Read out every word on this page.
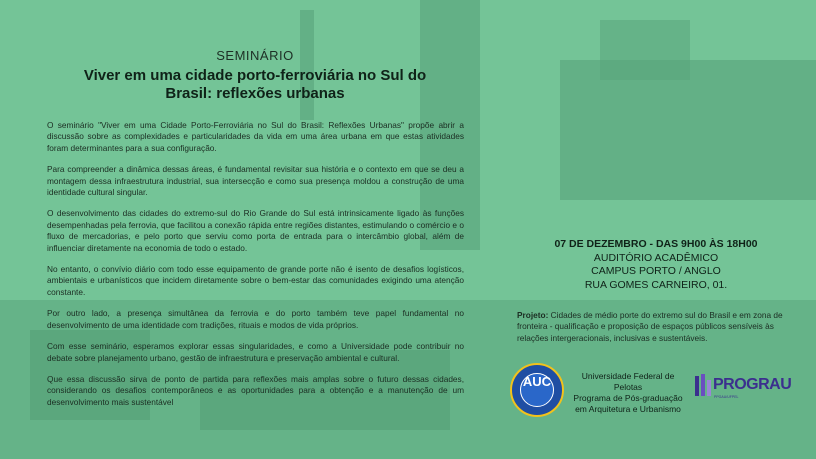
SEMINÁRIO
Viver em uma cidade porto-ferroviária no Sul do Brasil: reflexões urbanas

O seminário "Viver em uma Cidade Porto-Ferroviária no Sul do Brasil: Reflexões Urbanas" propõe abrir a discussão sobre as complexidades e particularidades da vida em uma área urbana em que estas atividades foram determinantes para a sua configuração.

Para compreender a dinâmica dessas áreas, é fundamental revisitar sua história e o contexto em que se deu a montagem dessa infraestrutura industrial, sua intersecção e como sua presença moldou a construção de uma identidade cultural singular.

O desenvolvimento das cidades do extremo-sul do Rio Grande do Sul está intrinsicamente ligado às funções desempenhadas pela ferrovia, que facilitou a conexão rápida entre regiões distantes, estimulando o comércio e o fluxo de mercadorias, e pelo porto que serviu como porta de entrada para o intercâmbio global, além de influenciar diretamente na economia de todo o estado.

No entanto, o convívio diário com todo esse equipamento de grande porte não é isento de desafios logísticos, ambientais e urbanísticos que incidem diretamente sobre o bem-estar das comunidades exigindo uma atenção constante.

Por outro lado, a presença simultânea da ferrovia e do porto também teve papel fundamental no desenvolvimento de uma identidade com tradições, rituais e modos de vida próprios.

Com esse seminário, esperamos explorar essas singularidades, e como a Universidade pode contribuir no debate sobre planejamento urbano, gestão de infraestrutura e preservação ambiental e cultural.

Que essa discussão sirva de ponto de partida para reflexões mais amplas sobre o futuro dessas cidades, considerando os desafios contemporâneos e as oportunidades para a obtenção e a manutenção de um desenvolvimento mais sustentável

07 DE DEZEMBRO - DAS 9H00 ÀS 18H00
AUDITÓRIO ACADÊMICO
CAMPUS PORTO / ANGLO
RUA GOMES CARNEIRO, 01.
Projeto: Cidades de médio porte do extremo sul do Brasil e em zona de fronteira - qualificação e proposição de espaços públicos sensíveis às relações intergeracionais, inclusivas e sustentáveis.
AUC	Universidade Federal de Pelotas
Programa de Pós-graduação
em Arquitetura e Urbanismo
PROGRAU
PPGAU/UFPEL
